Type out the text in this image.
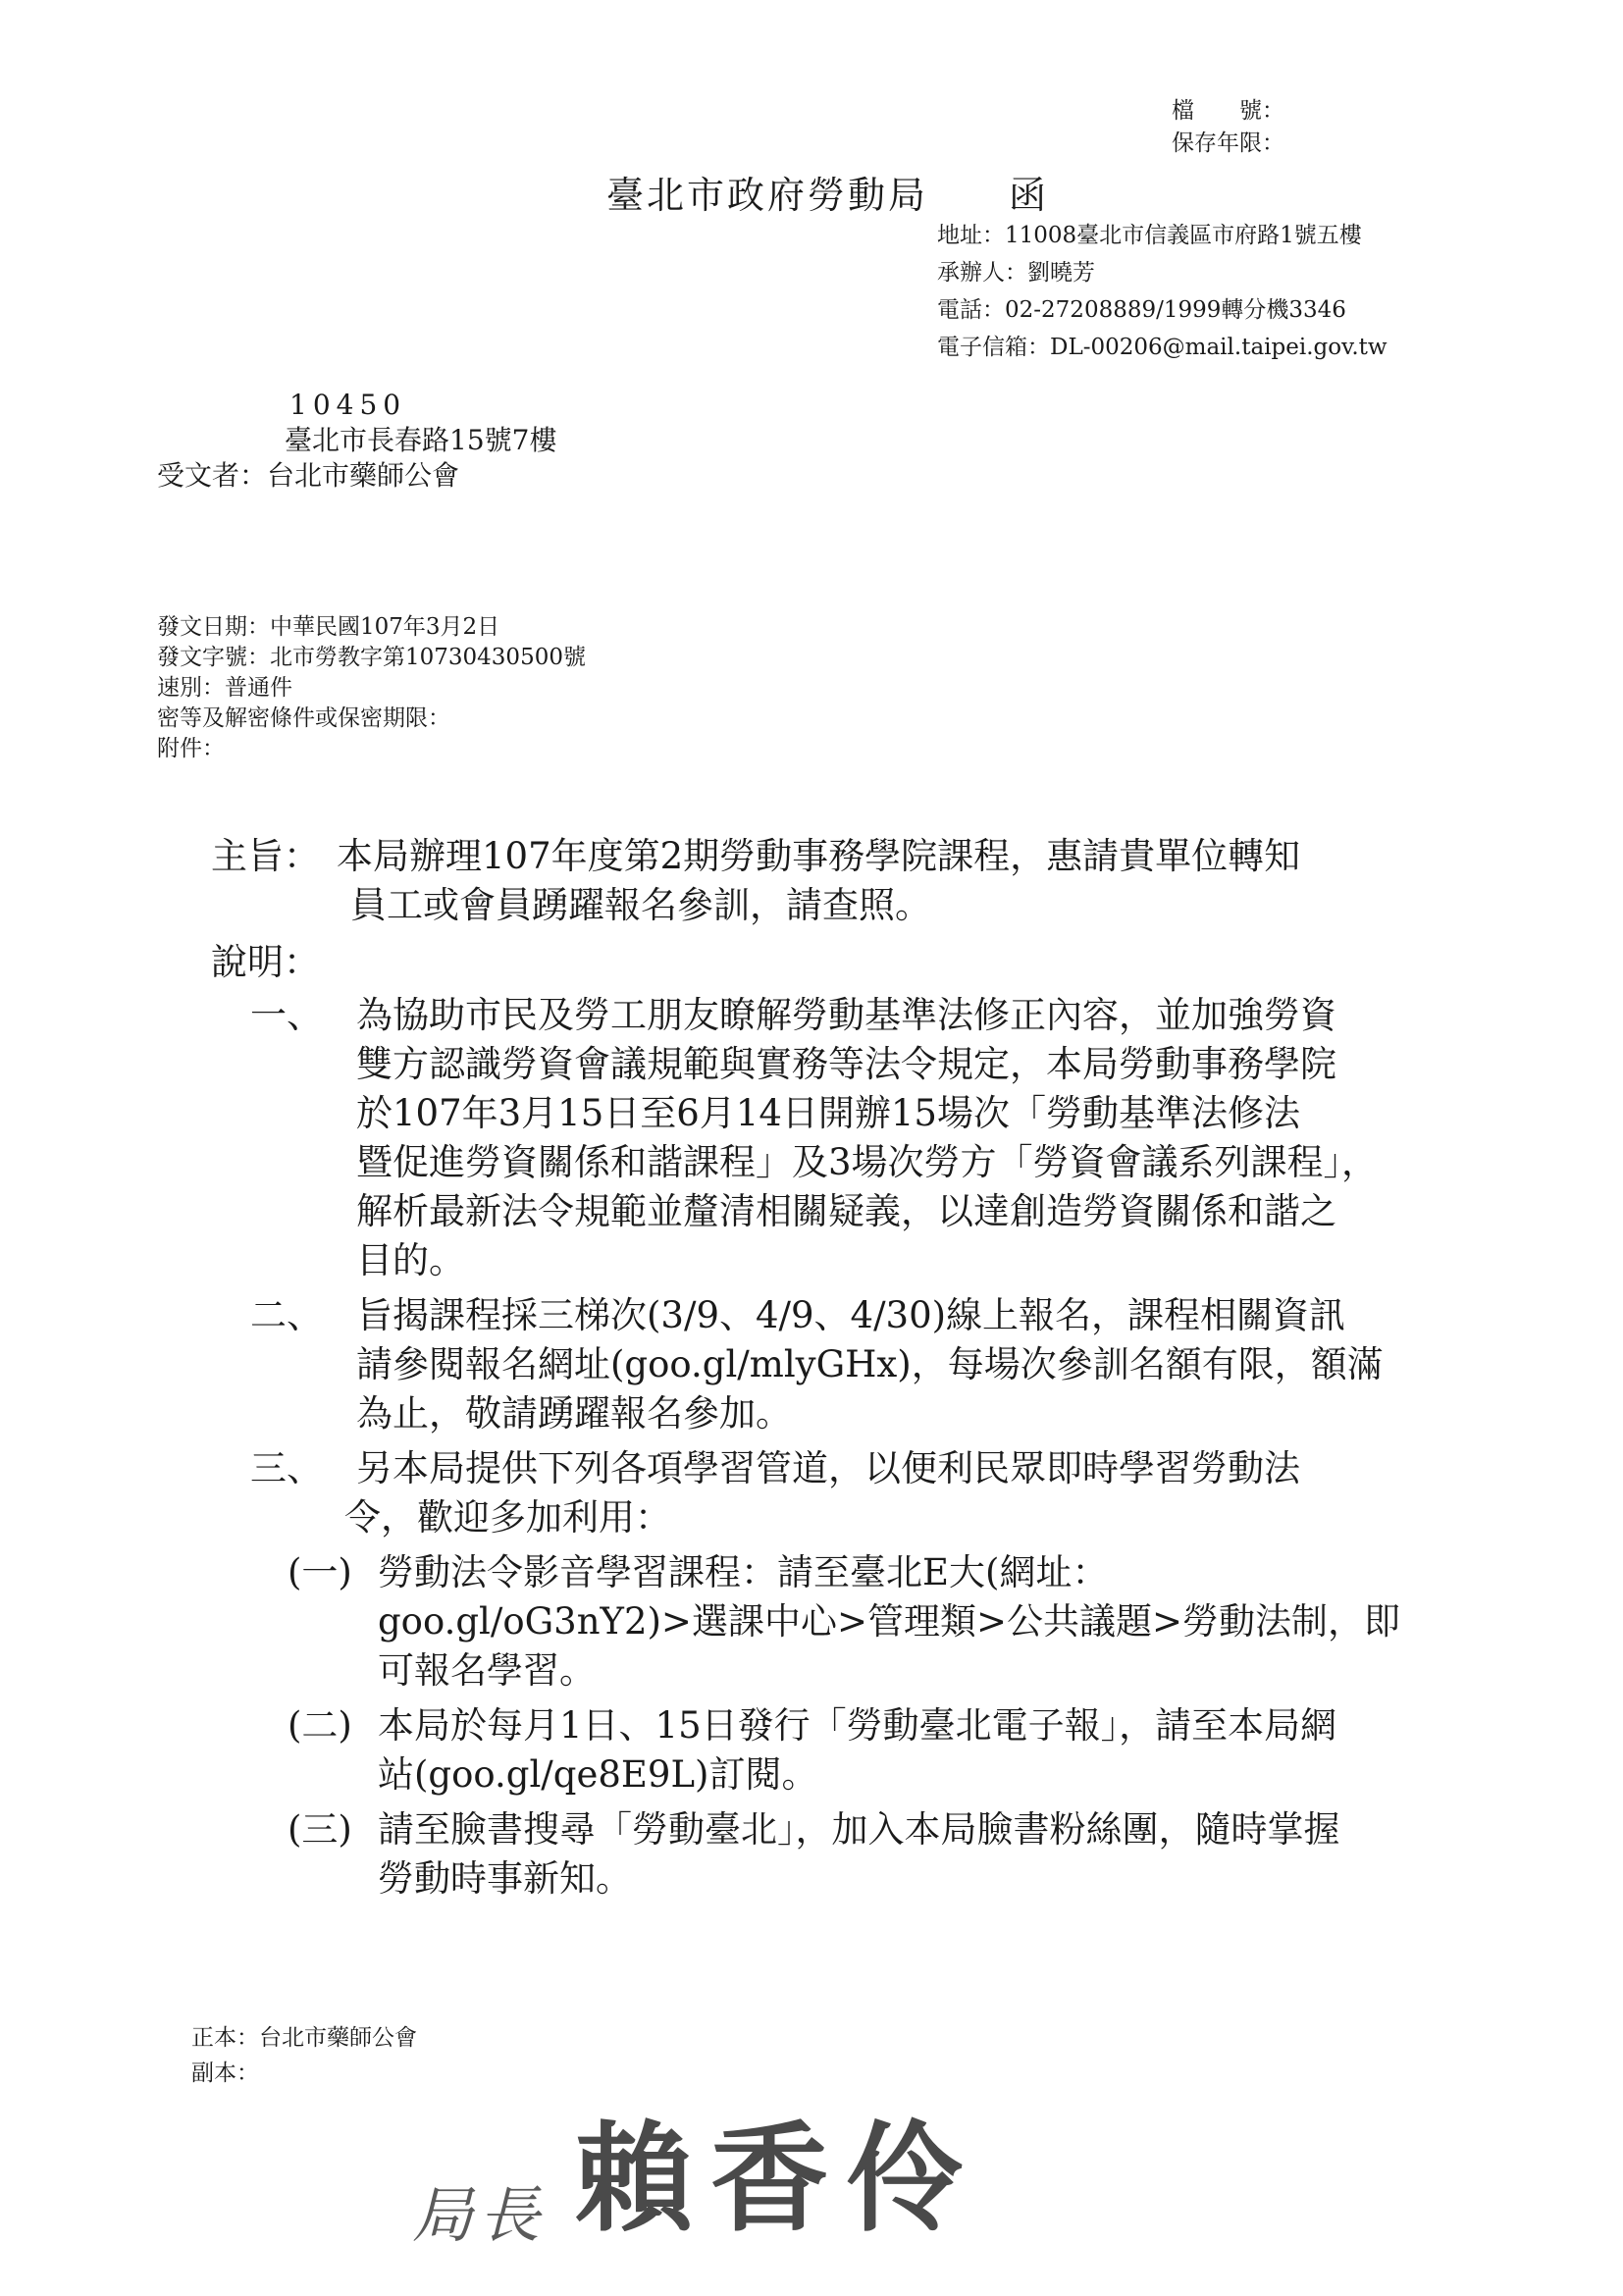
檔　　號：
保存年限：
臺北市政府勞動局　　函
地址：11008臺北市信義區市府路1號五樓
承辦人：劉曉芳
電話：02-27208889/1999轉分機3346
電子信箱：DL-00206@mail.taipei.gov.tw
10450
臺北市長春路15號7樓
受文者：台北市藥師公會
發文日期：中華民國107年3月2日
發文字號：北市勞教字第10730430500號
速別：普通件
密等及解密條件或保密期限：
附件：
主旨： 本局辦理107年度第2期勞動事務學院課程，惠請貴單位轉知
員工或會員踴躍報名參訓，請查照。
說明：
一、 為協助市民及勞工朋友瞭解勞動基準法修正內容，並加強勞資
雙方認識勞資會議規範與實務等法令規定，本局勞動事務學院
於107年3月15日至6月14日開辦15場次「勞動基準法修法
暨促進勞資關係和諧課程」及3場次勞方「勞資會議系列課程」，
解析最新法令規範並釐清相關疑義，以達創造勞資關係和諧之
目的。
二、 旨揭課程採三梯次(3/9、4/9、4/30)線上報名，課程相關資訊
請參閱報名網址(goo.gl/mlyGHx)，每場次參訓名額有限，額滿
為止，敬請踴躍報名參加。
三、 另本局提供下列各項學習管道，以便利民眾即時學習勞動法
令，歡迎多加利用：
(一) 勞動法令影音學習課程：請至臺北E大(網址：
goo.gl/oG3nY2)>選課中心>管理類>公共議題>勞動法制，即
可報名學習。
(二) 本局於每月1日、15日發行「勞動臺北電子報」，請至本局網
站(goo.gl/qe8E9L)訂閱。
(三) 請至臉書搜尋「勞動臺北」，加入本局臉書粉絲團，隨時掌握
勞動時事新知。
正本：台北市藥師公會
副本：
局長 賴香伶
